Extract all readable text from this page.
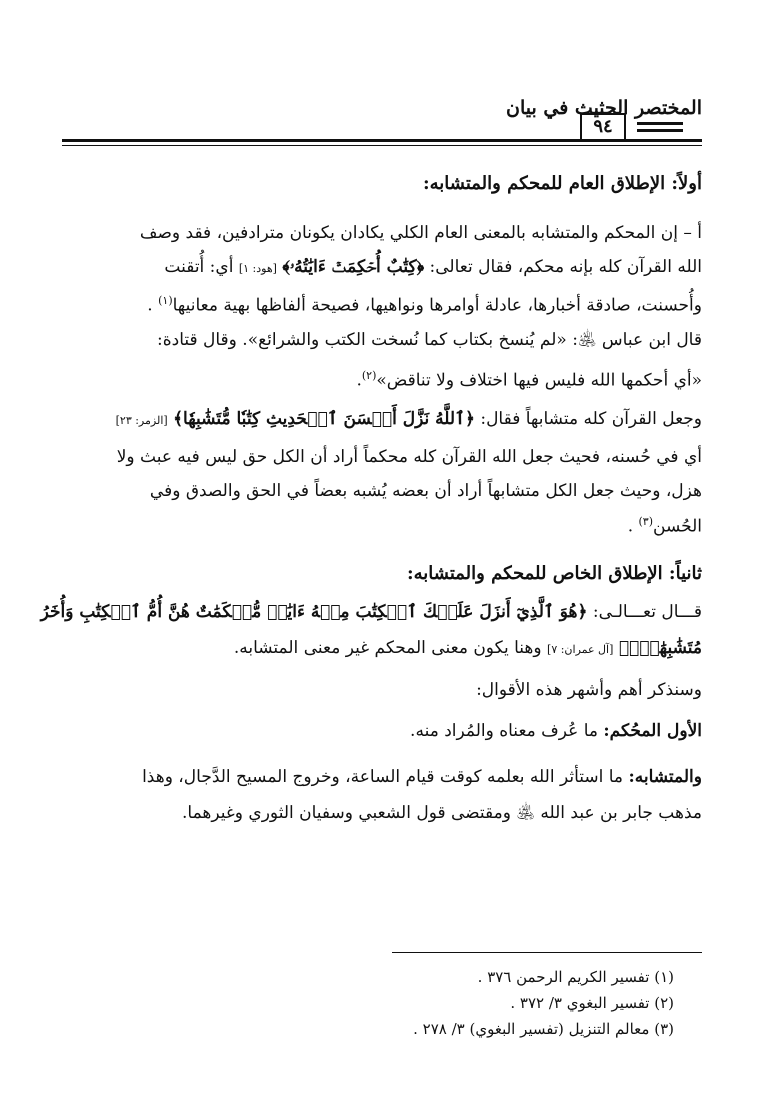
المختصر الحثيث في بيان
٩٤
أولاً: الإطلاق العام للمحكم والمتشابه:
أ – إن المحكم والمتشابه بالمعنى العام الكلي يكادان يكونان مترادفين، فقد وصف
الله القرآن كله بإنه محكم، فقال تعالى: ﴿كِتَٰبٌ أُحۡكِمَتۡ ءَايَٰتُهُۥ﴾ [هود: ١] أي: أُتقنت
وأُحسنت، صادقة أخبارها، عادلة أوامرها ونواهيها، فصيحة ألفاظها بهية معانيها$^{(١)}$ .
قال ابن عباس ﵁: «لم يُنسخ بكتاب كما نُسخت الكتب والشرائع». وقال قتادة:
«أي أحكمها الله فليس فيها اختلاف ولا تناقض»$^{(٢)}$.
وجعل القرآن كله متشابهاً فقال: ﴿ٱللَّهُ نَزَّلَ أَحۡسَنَ ٱلۡحَدِيثِ كِتَٰبٗا مُّتَشَٰبِهٗا﴾ [الزمر: ٢٣]
أي في حُسنه، فحيث جعل الله القرآن كله محكماً أراد أن الكل حق ليس فيه عبث ولا
هزل، وحيث جعل الكل متشابهاً أراد أن بعضه يُشبه بعضاً في الحق والصدق وفي
الحُسن$^{(٣)}$ .
ثانياً: الإطلاق الخاص للمحكم والمتشابه:
قـــال تعـــالـى: ﴿هُوَ ٱلَّذِيٓ أَنزَلَ عَلَيۡكَ ٱلۡكِتَٰبَ مِنۡهُ ءَايَٰتٞ مُّحۡكَمَٰتٌ هُنَّ أُمُّ ٱلۡكِتَٰبِ وَأُخَرُ
مُتَشَٰبِهَٰتٞۖ﴾ [آل عمران: ٧] وهنا يكون معنى المحكم غير معنى المتشابه.
وسنذكر أهم وأشهر هذه الأقوال:
الأول المحُكم: ما عُرف معناه والمُراد منه.
والمتشابه: ما استأثر الله بعلمه كوقت قيام الساعة، وخروج المسيح الدَّجال، وهذا
مذهب جابر بن عبد الله ﵁ ومقتضى قول الشعبي وسفيان الثوري وغيرهما.
(١) تفسير الكريم الرحمن ٣٧٦ .
(٢) تفسير البغوي ٣/ ٣٧٢ .
(٣) معالم التنزيل (تفسير البغوي) ٣/ ٢٧٨ .
